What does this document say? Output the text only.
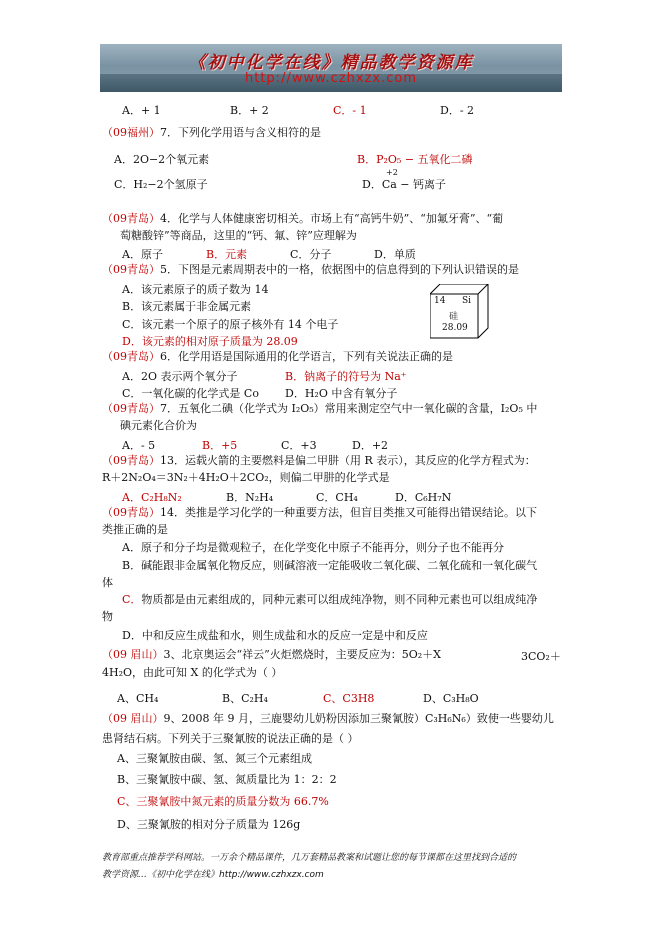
《初中化学在线》精品教学资源库
http://www.czhxzx.com
A．+ 1	B．+ 2	C．- 1	D．- 2
（09福州）7．下列化学用语与含义相符的是
A．2O−2个氧元素	B．P₂O₅ − 五氧化二磷
C．H₂−2个氢原子
+2
D．Ca − 钙离子
（09青岛）4．化学与人体健康密切相关。市场上有“高钙牛奶”、“加氟牙膏”、“葡
萄糖酸锌”等商品，这里的“钙、氟、锌”应理解为
A．原子	B．元素	C．分子	D．单质
（09青岛）5．下图是元素周期表中的一格，依据图中的信息得到的下列认识错误的是
A．该元素原子的质子数为 14
B．该元素属于非金属元素
C．该元素一个原子的原子核外有 14 个电子
D．该元素的相对原子质量为 28.09
14 Si
硅
28.09
（09青岛）6．化学用语是国际通用的化学语言，下列有关说法正确的是
A．2O 表示两个氧分子	B．钠离子的符号为 Na⁺
C．一氧化碳的化学式是 Co D．H₂O 中含有氧分子
（09青岛）7．五氧化二碘（化学式为 I₂O₅）常用来测定空气中一氧化碳的含量，I₂O₅ 中
碘元素化合价为
A．- 5	B．+5	C．+3	D．+2
（09青岛）13．运载火箭的主要燃料是偏二甲肼（用 R 表示），其反应的化学方程式为：
R＋2N₂O₄＝3N₂＋4H₂O＋2CO₂，则偏二甲肼的化学式是
A．C₂H₈N₂	B．N₂H₄	C．CH₄	D．C₆H₇N
（09青岛）14．类推是学习化学的一种重要方法，但盲目类推又可能得出错误结论。以下
类推正确的是
A．原子和分子均是微观粒子，在化学变化中原子不能再分，则分子也不能再分
B．碱能跟非金属氧化物反应，则碱溶液一定能吸收二氧化碳、二氧化硫和一氧化碳气
体
C．物质都是由元素组成的，同种元素可以组成纯净物，则不同种元素也可以组成纯净
物
D．中和反应生成盐和水，则生成盐和水的反应一定是中和反应
（09 眉山）3、北京奥运会“祥云”火炬燃烧时，主要反应为：5O₂＋X	3CO₂＋
4H₂O，由此可知 X 的化学式为（ ）
A、CH₄	B、C₂H₄	C、C3H8	D、C₃H₈O
（09 眉山）9、2008 年 9 月，三鹿婴幼儿奶粉因添加三聚氰胺）C₃H₆N₆）致使一些婴幼儿
患肾结石病。下列关于三聚氰胺的说法正确的是（ ）
A、三聚氰胺由碳、氢、氮三个元素组成
B、三聚氰胺中碳、氢、氮质量比为 1：2：2
C、三聚氰胺中氮元素的质量分数为 66.7%
D、三聚氰胺的相对分子质量为 126g
教育部重点推荐学科网站。一万余个精品课件，几万套精品教案和试题让您的每节课都在这里找到合适的
教学资源…《初中化学在线》http://www.czhxzx.com
